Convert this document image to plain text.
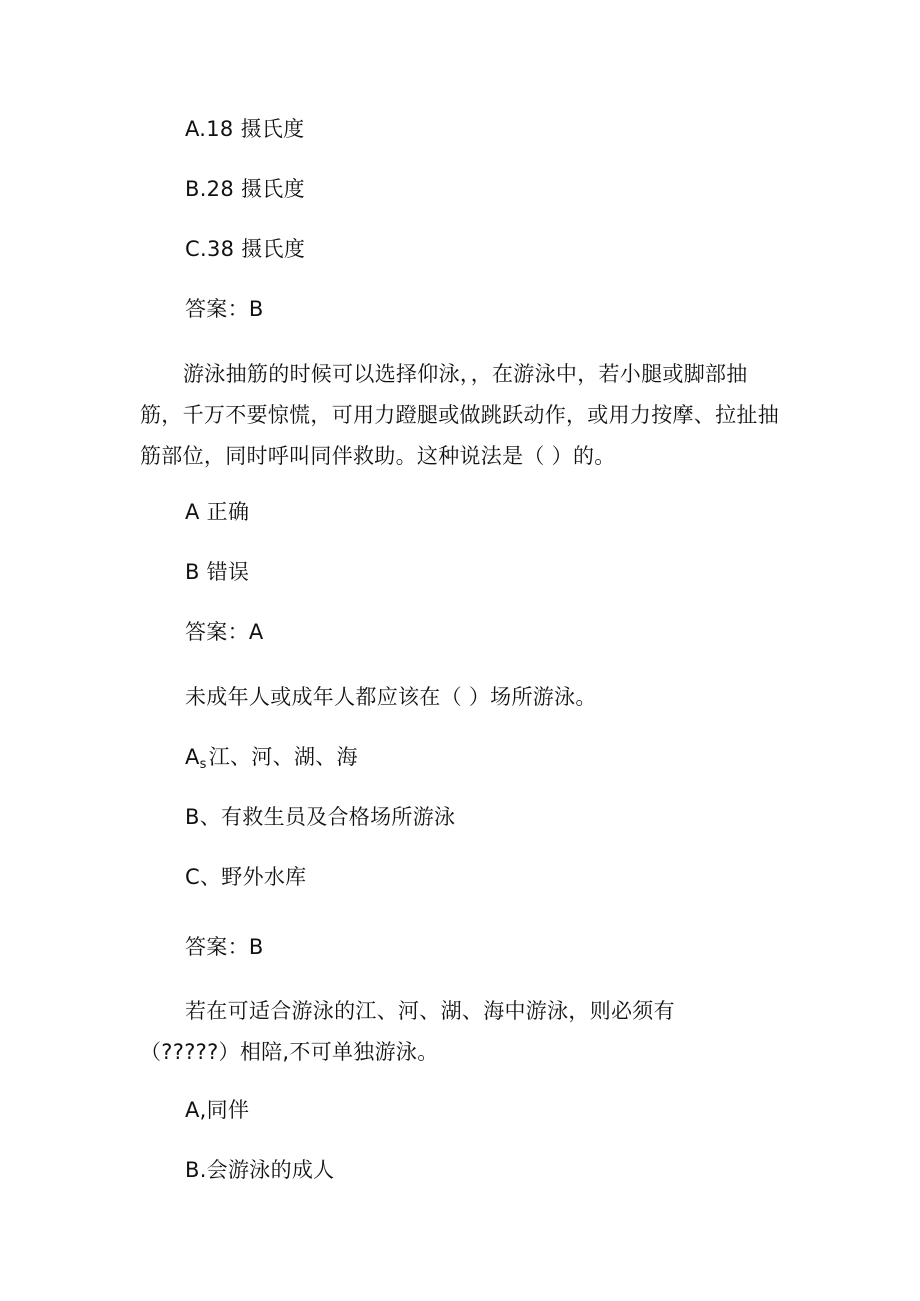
A.18 摄氏度
B.28 摄氏度
C.38 摄氏度
答案：B
游泳抽筋的时候可以选择仰泳，，在游泳中，若小腿或脚部抽筋，千万不要惊慌，可用力蹬腿或做跳跃动作，或用力按摩、拉扯抽筋部位，同时呼叫同伴救助。这种说法是（ ）的。
A 正确
B 错误
答案：A
未成年人或成年人都应该在（ ）场所游泳。
$A_s$江、河、湖、海
B、有救生员及合格场所游泳
C、野外水库
答案：B
若在可适合游泳的江、河、湖、海中游泳，则必须有
（?????）相陪,不可单独游泳。
A,同伴
B.会游泳的成人
